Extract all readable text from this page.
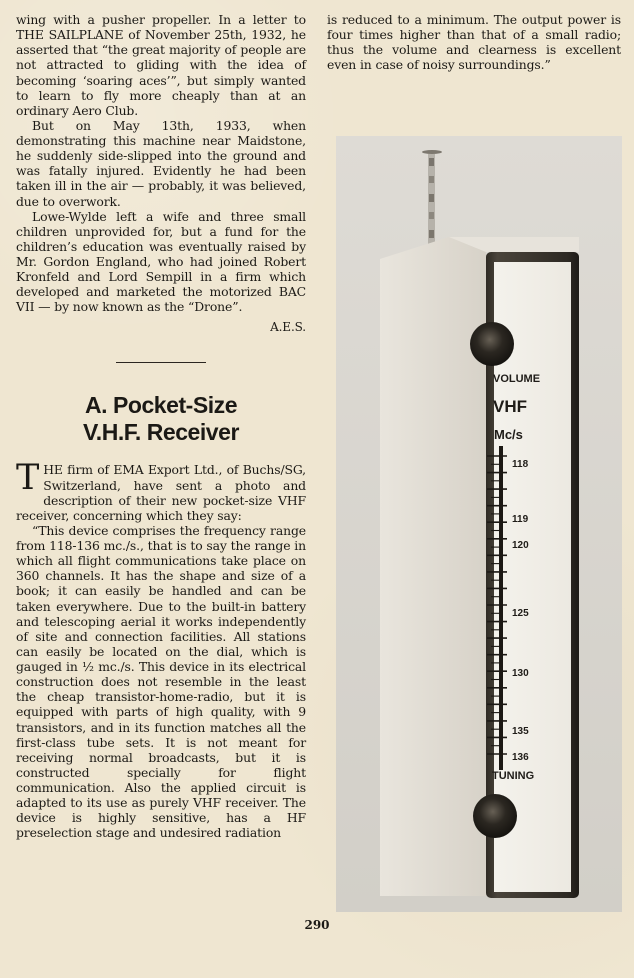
wing with a pusher propeller. In a letter to THE SAILPLANE of November 25th, 1932, he asserted that “the great majority of people are not attracted to gliding with the idea of becoming ‘soaring aces’”, but simply wanted to learn to fly more cheaply than at an ordinary Aero Club.

But on May 13th, 1933, when demonstrating this machine near Maidstone, he suddenly side-slipped into the ground and was fatally injured. Evidently he had been taken ill in the air — probably, it was believed, due to overwork.

Lowe-Wylde left a wife and three small children unprovided for, but a fund for the children’s education was eventually raised by Mr. Gordon England, who had joined Robert Kronfeld and Lord Sempill in a firm which developed and marketed the motorized BAC VII — by now known as the “Drone”.

A.E.S.

A. Pocket-Size
V.H.F. Receiver

THE firm of EMA Export Ltd., of Buchs/SG, Switzerland, have sent a photo and description of their new pocket-size VHF receiver, concerning which they say:

“This device comprises the frequency range from 118-136 mc./s., that is to say the range in which all flight communications take place on 360 channels. It has the shape and size of a book; it can easily be handled and can be taken everywhere. Due to the built-in battery and telescoping aerial it works independently of site and connection facilities. All stations can easily be located on the dial, which is gauged in ½ mc./s. This device in its electrical construction does not resemble in the least the cheap transistor-home-radio, but it is equipped with parts of high quality, with 9 transistors, and in its function matches all the first-class tube sets. It is not meant for receiving normal broadcasts, but it is constructed specially for flight communication. Also the applied circuit is adapted to its use as purely VHF receiver. The device is highly sensitive, has a HF preselection stage and undesired radiation

is reduced to a minimum. The output power is four times higher than that of a small radio; thus the volume and clearness is excellent even in case of noisy surroundings.”

VOLUME
VHF
Mc/s
118
119
120
125
130
135
136
TUNING
290
